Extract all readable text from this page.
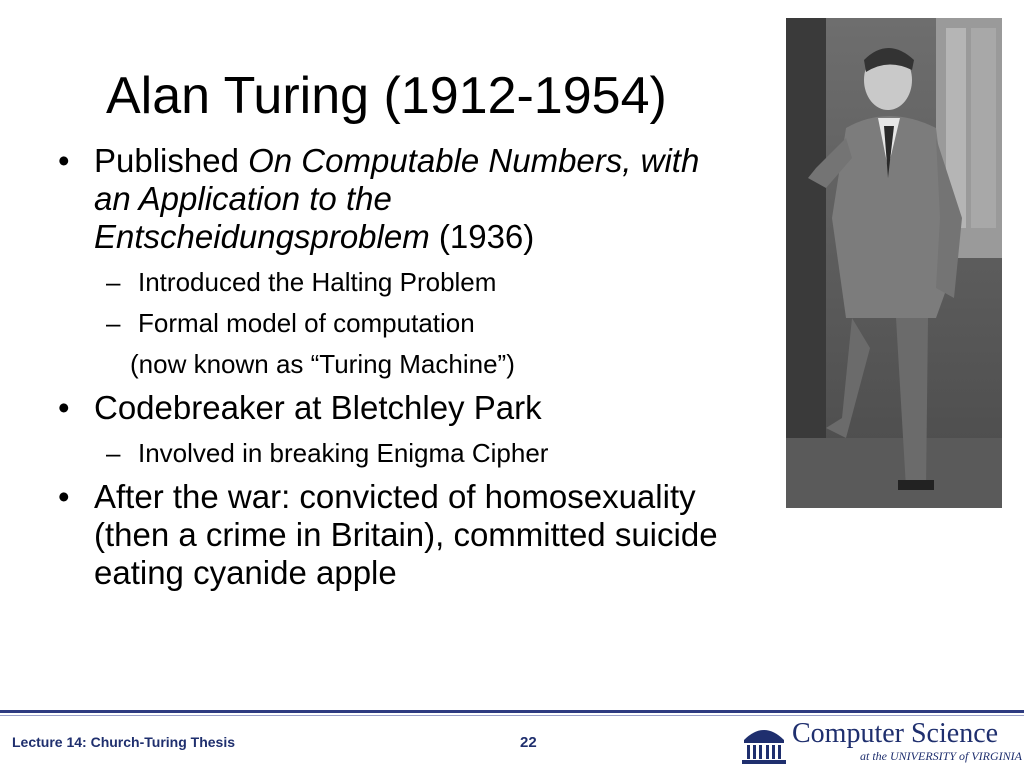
Alan Turing (1912-1954)
• Published On Computable Numbers, with an Application to the Entscheidungsproblem (1936)
– Introduced the Halting Problem
– Formal model of computation
(now known as “Turing Machine”)
• Codebreaker at Bletchley Park
– Involved in breaking Enigma Cipher
• After the war: convicted of homosexuality (then a crime in Britain), committed suicide eating cyanide apple
Lecture 14: Church-Turing Thesis	22	Computer Science
at the UNIVERSITY of VIRGINIA
